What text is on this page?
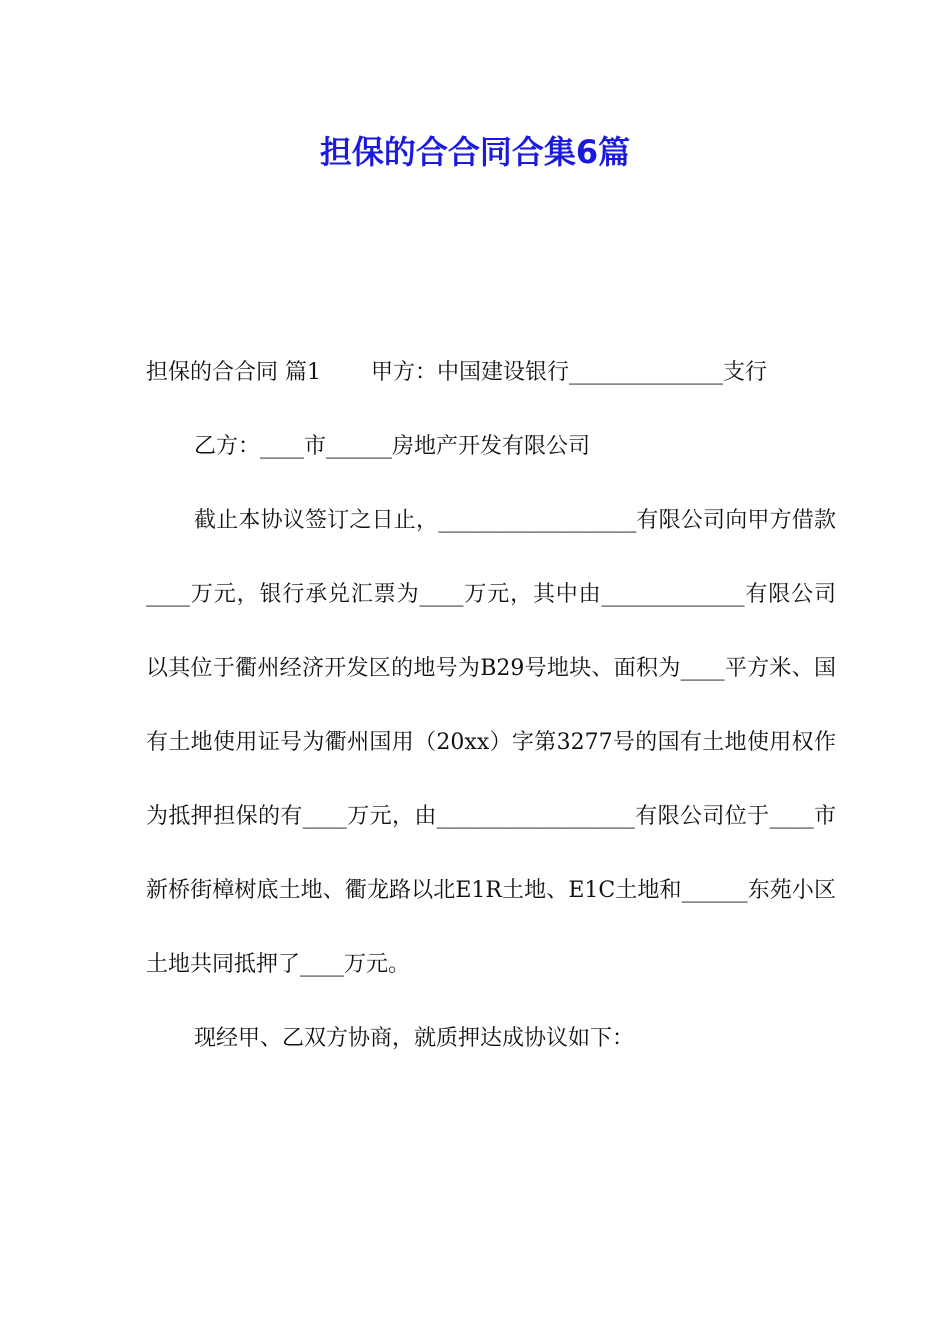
担保的合合同合集6篇

担保的合合同 篇1 甲方：中国建设银行______________支行

乙方：____市______房地产开发有限公司

截止本协议签订之日止，__________________有限公司向甲方借款____万元，银行承兑汇票为____万元，其中由_____________有限公司以其位于衢州经济开发区的地号为B29号地块、面积为____平方米、国有土地使用证号为衢州国用（20xx）字第3277号的国有土地使用权作为抵押担保的有____万元，由__________________有限公司位于____市新桥街樟树底土地、衢龙路以北E1R土地、E1C土地和______东苑小区土地共同抵押了____万元。

现经甲、乙双方协商，就质押达成协议如下：
